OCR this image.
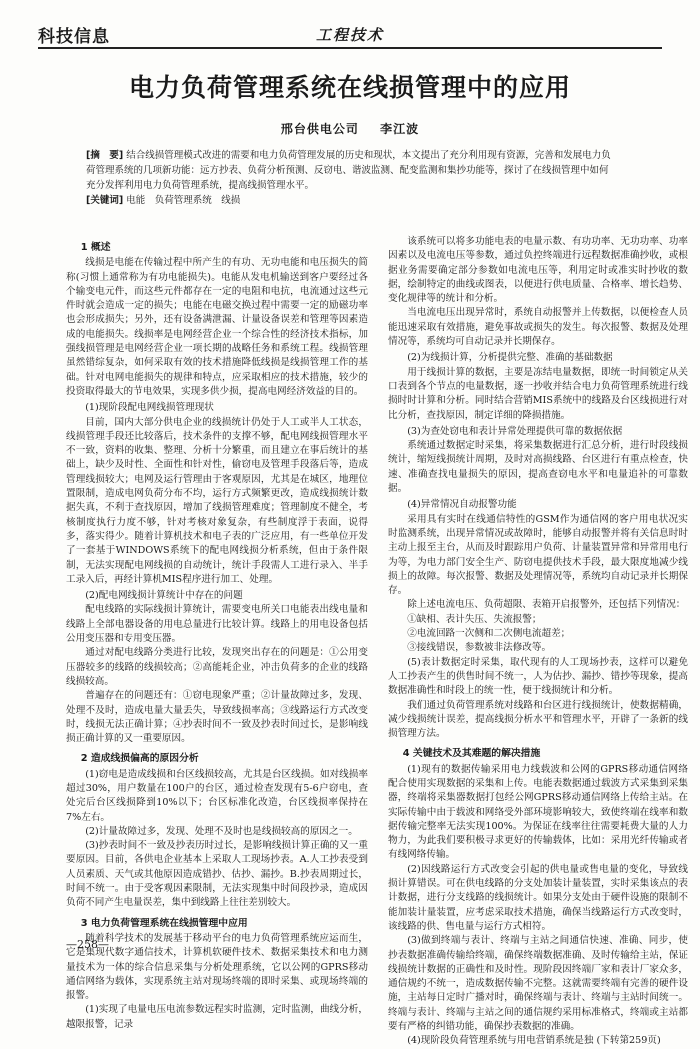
科技信息	工程技术
电力负荷管理系统在线损管理中的应用
邢台供电公司 李江波
[摘　要] 结合线损管理模式改进的需要和电力负荷管理发展的历史和现状，本文提出了充分利用现有资源，完善和发展电力负荷管理系统的几项新功能：远方抄表、负荷分析预测、反窃电、谐波监测、配变监测和集抄功能等，探讨了在线损管理中如何充分发挥利用电力负荷管理系统，提高线损管理水平。
[关键词] 电能　负荷管理系统　线损
1 概述

线损是电能在传输过程中所产生的有功、无功电能和电压损失的简称(习惯上通常称为有功电能损失)。电能从发电机输送到客户要经过各个输变电元件，而这些元件都存在一定的电阻和电抗，电流通过这些元件时就会造成一定的损失；电能在电磁交换过程中需要一定的励磁功率也会形成损失；另外，还有设备满泄漏、计量设备误差和管理等因素造成的电能损失。线损率是电网经营企业一个综合性的经济技术指标，加强线损管理是电网经营企业一项长期的战略任务和系统工程。线损管理虽然错综复杂，如何采取有效的技术措施降低线损是线损管理工作的基础。针对电网电能损失的规律和特点，应采取相应的技术措施，较少的投资取得最大的节电效果，实现多供少损，提高电网经济效益的目的。

(1)现阶段配电网线损管理现状

目前，国内大部分供电企业的线损统计仍处于人工或半人工状态，线损管理手段还比较落后，技术条件的支撑不够，配电网线损管理水平不一致，资料的收集、整理、分析十分繁重，而且建立在事后统计的基础上，缺少及时性、全面性和针对性，偷窃电及管理手段落后等，造成管理线损较大；电网及运行管理由于客观原因，尤其是在城区，地理位置限制，造成电网负荷分布不均，运行方式频繁更改，造成线损统计数据失真，不利于查找原因，增加了线损管理难度；管理制度不健全，考核制度执行力度不够，针对考核对象复杂，有些制度浮于表面，说得多，落实得少。随着计算机技术和电子表的广泛应用，有一些单位开发了一套基于WINDOWS系统下的配电网线损分析系统，但由于条件限制，无法实现配电网线损的自动统计，统计手段需人工进行录入、半手工录入后，再经计算机MIS程序进行加工、处理。

(2)配电网线损计算统计中存在的问题

配电线路的实际线损计算统计，需要变电所关口电能表出线电量和线路上全部电器设备的用电总量进行比较计算。线路上的用电设备包括公用变压器和专用变压器。

通过对配电线路分类进行比较，发现突出存在的问题是：①公用变压器较多的线路的线损较高；②高能耗企业，冲击负荷多的企业的线路线损较高。

普遍存在的问题还有：①窃电现象严重；②计量故障过多，发现、处理不及时，造成电量大量丢失，导致线损率高；③线路运行方式改变时，线损无法正确计算；④抄表时间不一致及抄表时间过长，是影响线损正确计算的又一重要原因。

2 造成线损偏高的原因分析

(1)窃电是造成线损和台区线损较高，尤其是台区线损。如对线损率超过30%，用户数量在100户的台区，通过检查发现有5-6户窃电，查处完后台区线损降到10%以下；台区标准化改造，台区线损率保持在7%左右。

(2)计量故障过多，发现、处理不及时也是线损较高的原因之一。

(3)抄表时间不一致及抄表历时过长，是影响线损计算正确的又一重要原因。目前，各供电企业基本上采取人工现场抄表。A.人工抄表受到人员素质、天气或其他原因造成错抄、估抄、漏抄。B.抄表周期过长，时间不统一。由于受客观因素限制，无法实现集中时间段抄录，造成因负荷不同产生电量误差，集中到线路上往往差别较大。

3 电力负荷管理系统在线损管理中应用

随着科学技术的发展基于移动平台的电力负荷管理系统应运而生，它是集现代数字通信技术，计算机软硬件技术、数据采集技术和电力测量技术为一体的综合信息采集与分析处理系统，它以公网的GPRS移动通信网络为载体，实现系统主站对现场终端的即时采集、或现场终端的报警。

(1)实现了电量电压电流参数远程实时监测，定时监测，曲线分析，越限报警，记录

—258—

该系统可以将多功能电表的电量示数、有功功率、无功功率、功率因素以及电流电压等参数，通过负控终端进行远程数据准确抄收，或根据业务需要确定部分参数如电流电压等，利用定时或准实时抄收的数据，绘制特定的曲线或图表，以便进行供电质量、合格率、增长趋势、变化规律等的统计和分析。

当电流电压出现异常时，系统自动报警并上传数据，以便检查人员能迅速采取有效措施，避免事故或损失的发生。每次报警、数据及处理情况等，系统均可自动记录并长期保存。

(2)为线损计算，分析提供完整、准确的基础数据

用于线损计算的数据，主要是冻结电量数据，即统一时间锁定从关口表到各个节点的电量数据，逐一抄收并结合电力负荷管理系统进行线损时时计算和分析。同时结合营销MIS系统中的线路及台区线损进行对比分析，查找原因，制定详细的降损措施。

(3)为查处窃电和表计异常处理提供可靠的数据依据

系统通过数据定时采集，将采集数据进行汇总分析，进行时段线损统计，缩短线损统计周期，及时对高损线路、台区进行有重点检查，快速、准确查找电量损失的原因，提高查窃电水平和电量追补的可靠数据。

(4)异常情况自动报警功能

采用具有实时在线通信特性的GSM作为通信网的客户用电状况实时监测系统，出现异常情况或故障时，能够自动报警并将有关信息时时主动上报至主台，从而及时跟踪用户负荷、计量装置异常和异常用电行为等，为电力部门安全生产、防窃电提供技术手段，最大限度地减少线损上的故障。每次报警、数据及处理情况等，系统均自动记录并长期保存。

除上述电流电压、负荷超限、表箱开启报警外，还包括下列情况：

①缺相、表计失压、失流报警；

②电流回路一次侧和二次侧电流超差；

③接线错误，参数被非法修改等。

(5)表计数据定时采集，取代现有的人工现场抄表，这样可以避免人工抄表产生的供售时间不统一，人为估抄、漏抄、错抄等现象，提高数据准确性和时段上的统一性，便于线损统计和分析。

我们通过负荷管理系统对线路和台区进行线损统计，使数据精确，减少线损统计误差，提高线损分析水平和管理水平，开辟了一条新的线损管理方法。

4 关键技术及其难题的解决措施

(1)现有的数据传输采用电力线载波和公网的GPRS移动通信网络配合使用实现数据的采集和上传。电能表数据通过载波方式采集到采集器，终端将采集器数据打包经公网GPRS移动通信网络上传给主站。在实际传输中由于载波和网络受外部环境影响较大，致使终端在线率和数据传输完整率无法实现100%。为保证在线率往往需要耗费大量的人力物力，为此我们要积极寻求更好的传输载体，比如：采用光纤传输或者有线网络传输。

(2)因线路运行方式改变会引起的供电量或售电量的变化，导致线损计算错误。可在供电线路的分支处加装计量装置，实时采集该点的表计数据，进行分支线路的线损统计。如果分支处由于硬件设施的限制不能加装计量装置，应考虑采取技术措施，确保当线路运行方式改变时，该线路的供、售电量与运行方式相符。

(3)做到终端与表计、终端与主站之间通信快速、准确、同步，使抄表数据准确传输给终端，确保终端数据准确、及时传输给主站，保证线损统计数据的正确性和及时性。现阶段因终端厂家和表计厂家众多，通信规约不统一，造成数据传输不完整。这就需要终端有完善的硬件设施，主站每日定时广播对时，确保终端与表计、终端与主站时间统一。终端与表计、终端与主站之间的通信规约采用标准格式，终端或主站都要有严格的纠错功能，确保抄表数据的准确。

(4)现阶段负荷管理系统与用电营销系统是独 (下转第259页)
